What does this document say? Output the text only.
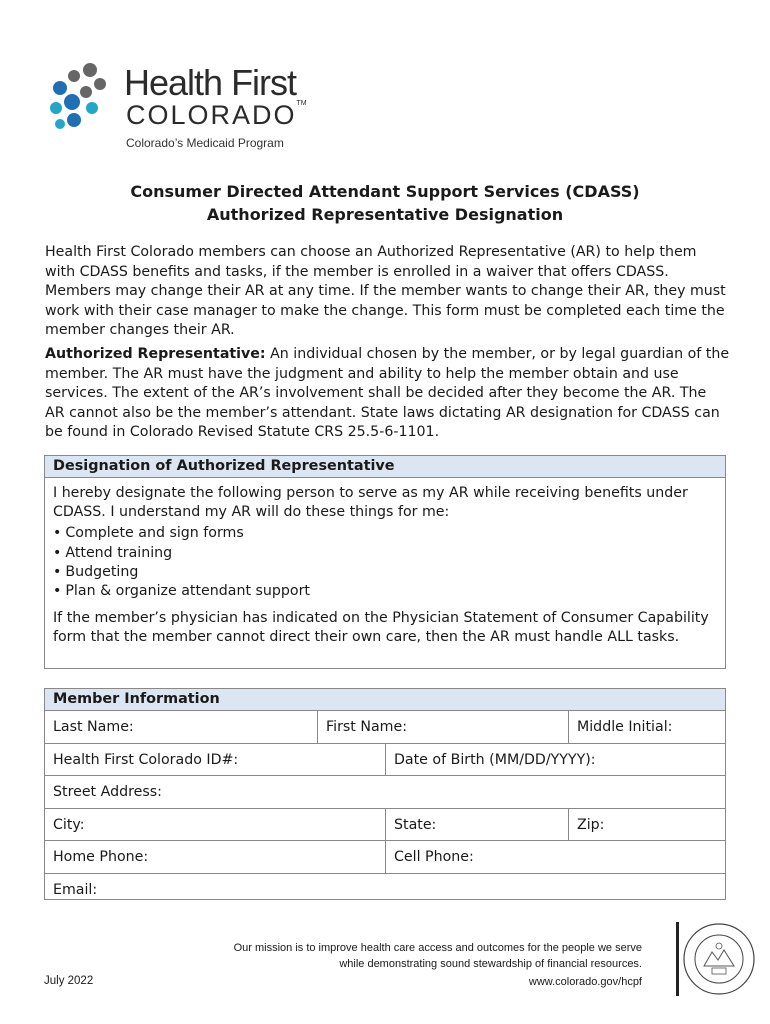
Health First
COLORADO™
Colorado’s Medicaid Program
Consumer Directed Attendant Support Services (CDASS)
Authorized Representative Designation
Health First Colorado members can choose an Authorized Representative (AR) to help them with CDASS benefits and tasks, if the member is enrolled in a waiver that offers CDASS. Members may change their AR at any time. If the member wants to change their AR, they must work with their case manager to make the change. This form must be completed each time the member changes their AR.
Authorized Representative: An individual chosen by the member, or by legal guardian of the member. The AR must have the judgment and ability to help the member obtain and use services. The extent of the AR’s involvement shall be decided after they become the AR. The AR cannot also be the member’s attendant. State laws dictating AR designation for CDASS can be found in Colorado Revised Statute CRS 25.5-6-1101.
Designation of Authorized Representative
I hereby designate the following person to serve as my AR while receiving benefits under CDASS. I understand my AR will do these things for me:
• Complete and sign forms
• Attend training
• Budgeting
• Plan & organize attendant support
If the member’s physician has indicated on the Physician Statement of Consumer Capability form that the member cannot direct their own care, then the AR must handle ALL tasks.
Member Information
Last Name:	First Name:	Middle Initial:
Health First Colorado ID#:	Date of Birth (MM/DD/YYYY):
Street Address:
City:	State:	Zip:
Home Phone:	Cell Phone:
Email:
Our mission is to improve health care access and outcomes for the people we serve
while demonstrating sound stewardship of financial resources.
July 2022	www.colorado.gov/hcpf
